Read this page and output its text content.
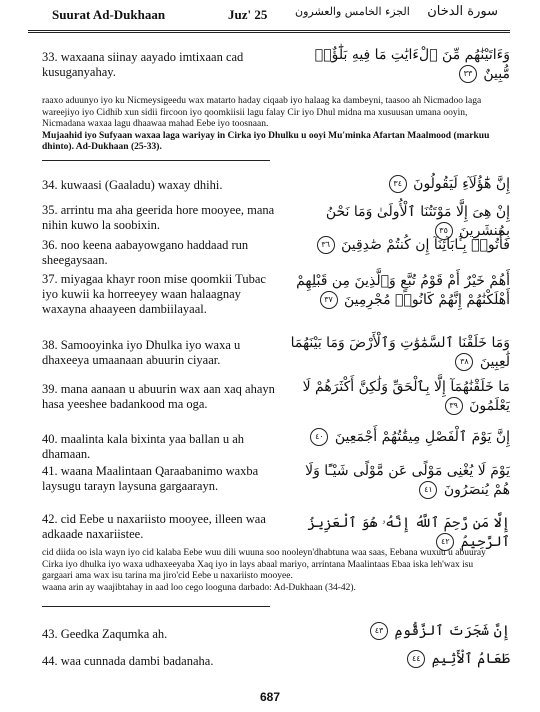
Suurat Ad-Dukhaan	Juz' 25	الجزء الخامس والعشرون سورة الدخان
33. waxaana siinay aayado imtixaan cad kusuganyahay.
وَءَاتَيْنَٰهُم مِّنَ ٱلْءَايَٰتِ مَا فِيهِ بَلَٰٓؤٌا۟ مُّبِينٌ ٣٣

raaxo aduunyo iyo ku Nicmeysigeedu wax matarto haday ciqaab iyo halaag ka dambeyni, taasoo ah Nicmadoo laga wareejiyo iyo Cidhib xun sidii fircoon iyo qoomkiisii lagu falay Cir iyo Dhul midna ma xusuusan umana ooyin, Nicmadana waxaa lagu dhaawaa mahad Eebe iyo toosnaan.

Mujaahid iyo Sufyaan waxaa laga wariyay in Cirka iyo Dhulku u ooyi Mu'minka Afartan Maalmood (markuu dhinto). Ad-Dukhaan (25-33).

34. kuwaasi (Gaaladu) waxay dhihi.	إِنَّ هَٰٓؤُلَآءِ لَيَقُولُونَ ٣٤
35. arrintu ma aha geerida hore mooyee, mana nihin kuwo la soobixin.
إِنْ هِىَ إِلَّا مَوْتَتُنَا ٱلْأُولَىٰ وَمَا نَحْنُ بِمُنشَرِينَ ٣٥
36. noo keena aabayowgano haddaad run sheegaysaan.
فَأْتُوا۟ بِـَٔابَآئِنَآ إِن كُنتُمْ صَٰدِقِينَ ٣٦
37. miyagaa khayr roon mise qoomkii Tubac iyo kuwii ka horreeyey waan halaagnay waxayna ahaayeen dambiilayaal.
أَهُمْ خَيْرٌ أَمْ قَوْمُ تُبَّعٍ وَٱلَّذِينَ مِن قَبْلِهِمْ أَهْلَكْنَٰهُمْ إِنَّهُمْ كَانُوا۟ مُجْرِمِينَ ٣٧
38. Samooyinka iyo Dhulka iyo waxa u dhaxeeya umaanaan abuurin ciyaar.
وَمَا خَلَقْنَا ٱلسَّمَٰوَٰتِ وَٱلْأَرْضَ وَمَا بَيْنَهُمَا لَٰعِبِينَ ٣٨
39. mana aanaan u abuurin wax aan xaq ahayn hasa yeeshee badankood ma oga.
مَا خَلَقْنَٰهُمَآ إِلَّا بِٱلْحَقِّ وَلَٰكِنَّ أَكْثَرَهُمْ لَا يَعْلَمُونَ ٣٩
40. maalinta kala bixinta yaa ballan u ah dhamaan.
إِنَّ يَوْمَ ٱلْفَصْلِ مِيقَٰتُهُمْ أَجْمَعِينَ ٤٠
41. waana Maalintaan Qaraabanimo waxba laysugu tarayn laysuna gargaarayn.
يَوْمَ لَا يُغْنِى مَوْلًى عَن مَّوْلًى شَيْـًٔا وَلَا هُمْ يُنصَرُونَ ٤١
42. cid Eebe u naxariisto mooyee, illeen waa adkaade naxariistee.
إِلَّا مَن رَّحِمَ ٱللَّهُ إِنَّهُۥ هُوَ ٱلْعَزِيزُ ٱلرَّحِيمُ ٤٢

cid diida oo isla wayn iyo cid kalaba Eebe wuu dili wuuna soo nooleyn'dhabtuna waa saas, Eebana wuxuu u abuuray Cirka iyo dhulka iyo waxa udhaxeeyaba Xaq iyo in lays abaal mariyo, arrintana Maalintaas Ebaa iska leh'wax isu gargaari ama wax isu tarina ma jiro'cid Eebe u naxariisto mooyee.

waana arin ay waajibtahay in aad loo cego looguna darbado: Ad-Dukhaan (34-42).

43. Geedka Zaqumka ah.	إِنَّ شَجَرَتَ ٱلزَّقُّومِ ٤٣
44. waa cunnada dambi badanaha.	طَعَامُ ٱلْأَثِيمِ ٤٤
687
